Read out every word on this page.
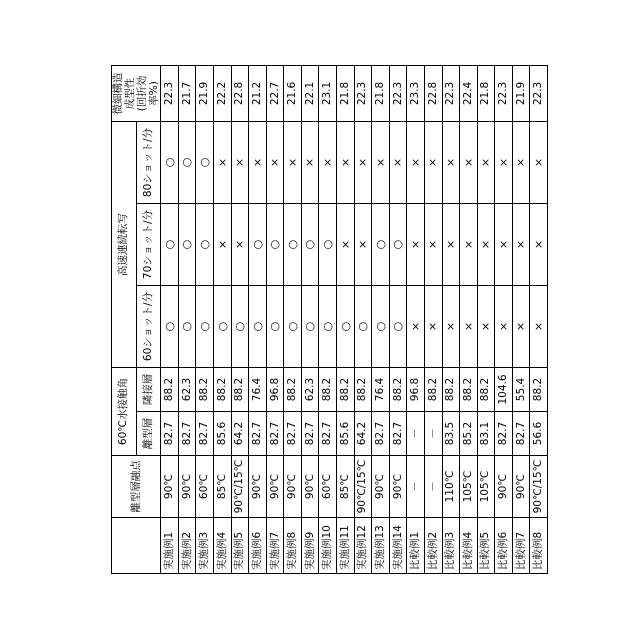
	離型層融点	60℃水接触角	高速連続転写	微細構造成型性
(回折効率%)
離型層	隣接層	60ショット/分	70ショット/分	80ショット/分
実施例1	90℃	82.7	88.2	○	○	○	22.3
実施例2	90℃	82.7	62.3	○	○	○	21.7
実施例3	60℃	82.7	88.2	○	○	○	21.9
実施例4	85℃	85.6	88.2	○	×	×	22.2
実施例5	90℃/15℃	64.2	88.2	○	×	×	22.8
実施例6	90℃	82.7	76.4	○	○	×	21.2
実施例7	90℃	82.7	96.8	○	○	×	22.7
実施例8	90℃	82.7	88.2	○	○	×	21.6
実施例9	90℃	82.7	62.3	○	○	×	22.1
実施例10	60℃	82.7	88.2	○	○	×	23.1
実施例11	85℃	85.6	88.2	○	×	×	21.8
実施例12	90℃/15℃	64.2	88.2	○	×	×	22.3
実施例13	90℃	82.7	76.4	○	○	×	21.8
実施例14	90℃	82.7	88.2	○	○	×	22.3
比較例1	－	－	96.8	×	×	×	23.3
比較例2	－	－	88.2	×	×	×	22.8
比較例3	110℃	83.5	88.2	×	×	×	22.3
比較例4	105℃	85.2	88.2	×	×	×	22.4
比較例5	105℃	83.1	88.2	×	×	×	21.8
比較例6	90℃	82.7	104.6	×	×	×	22.3
比較例7	90℃	82.7	55.4	×	×	×	21.9
比較例8	90℃/15℃	56.6	88.2	×	×	×	22.3
